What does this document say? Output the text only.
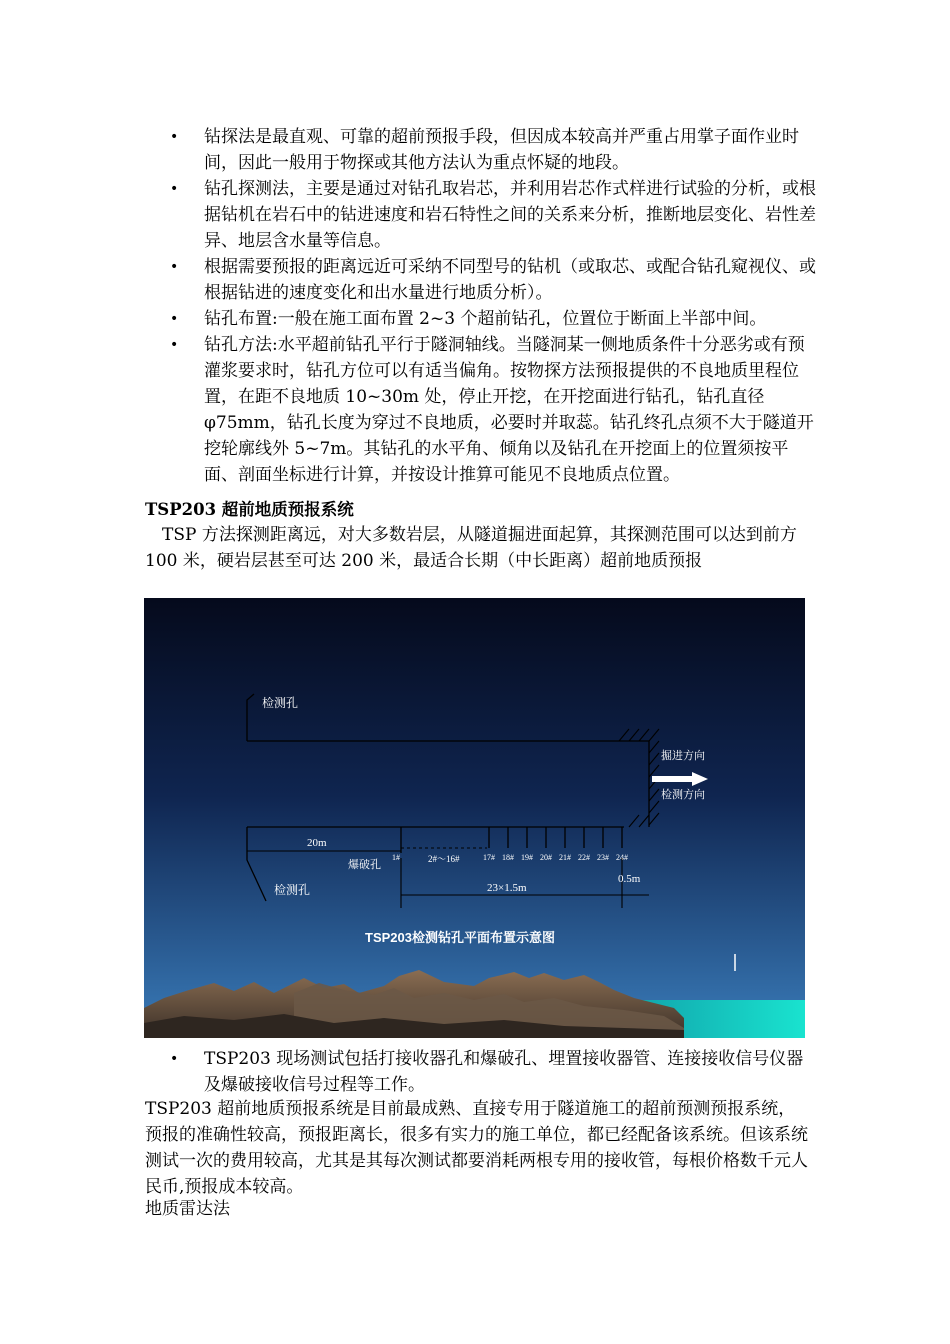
• 钻探法是最直观、可靠的超前预报手段，但因成本较高并严重占用掌子面作业时间，因此一般用于物探或其他方法认为重点怀疑的地段。
• 钻孔探测法，主要是通过对钻孔取岩芯，并利用岩芯作式样进行试验的分析，或根据钻机在岩石中的钻进速度和岩石特性之间的关系来分析，推断地层变化、岩性差异、地层含水量等信息。
• 根据需要预报的距离远近可采纳不同型号的钻机（或取芯、或配合钻孔窥视仪、或根据钻进的速度变化和出水量进行地质分析）。
• 钻孔布置:一般在施工面布置 2~3 个超前钻孔，位置位于断面上半部中间。
• 钻孔方法:水平超前钻孔平行于隧洞轴线。当隧洞某一侧地质条件十分恶劣或有预灌浆要求时，钻孔方位可以有适当偏角。按物探方法预报提供的不良地质里程位置，在距不良地质 10~30m 处，停止开挖，在开挖面进行钻孔，钻孔直径 φ75mm，钻孔长度为穿过不良地质，必要时并取蕊。钻孔终孔点须不大于隧道开挖轮廓线外 5~7m。其钻孔的水平角、倾角以及钻孔在开挖面上的位置须按平面、剖面坐标进行计算，并按设计推算可能见不良地质点位置。
TSP203 超前地质预报系统
TSP 方法探测距离远，对大多数岩层，从隧道掘进面起算，其探测范围可以达到前方 100 米，硬岩层甚至可达 200 米，最适合长期（中长距离）超前地质预报
检测孔
掘进方向
检测方向
检测孔
20m
爆破孔
1#	2#～16#	17# 18# 19# 20# 21# 22# 23# 24#
23×1.5m
0.5m
TSP203检测钻孔平面布置示意图
• TSP203 现场测试包括打接收器孔和爆破孔、埋置接收器管、连接接收信号仪器及爆破接收信号过程等工作。
TSP203 超前地质预报系统是目前最成熟、直接专用于隧道施工的超前预测预报系统，预报的准确性较高，预报距离长，很多有实力的施工单位，都已经配备该系统。但该系统测试一次的费用较高，尤其是其每次测试都要消耗两根专用的接收管，每根价格数千元人民币,预报成本较高。
地质雷达法
